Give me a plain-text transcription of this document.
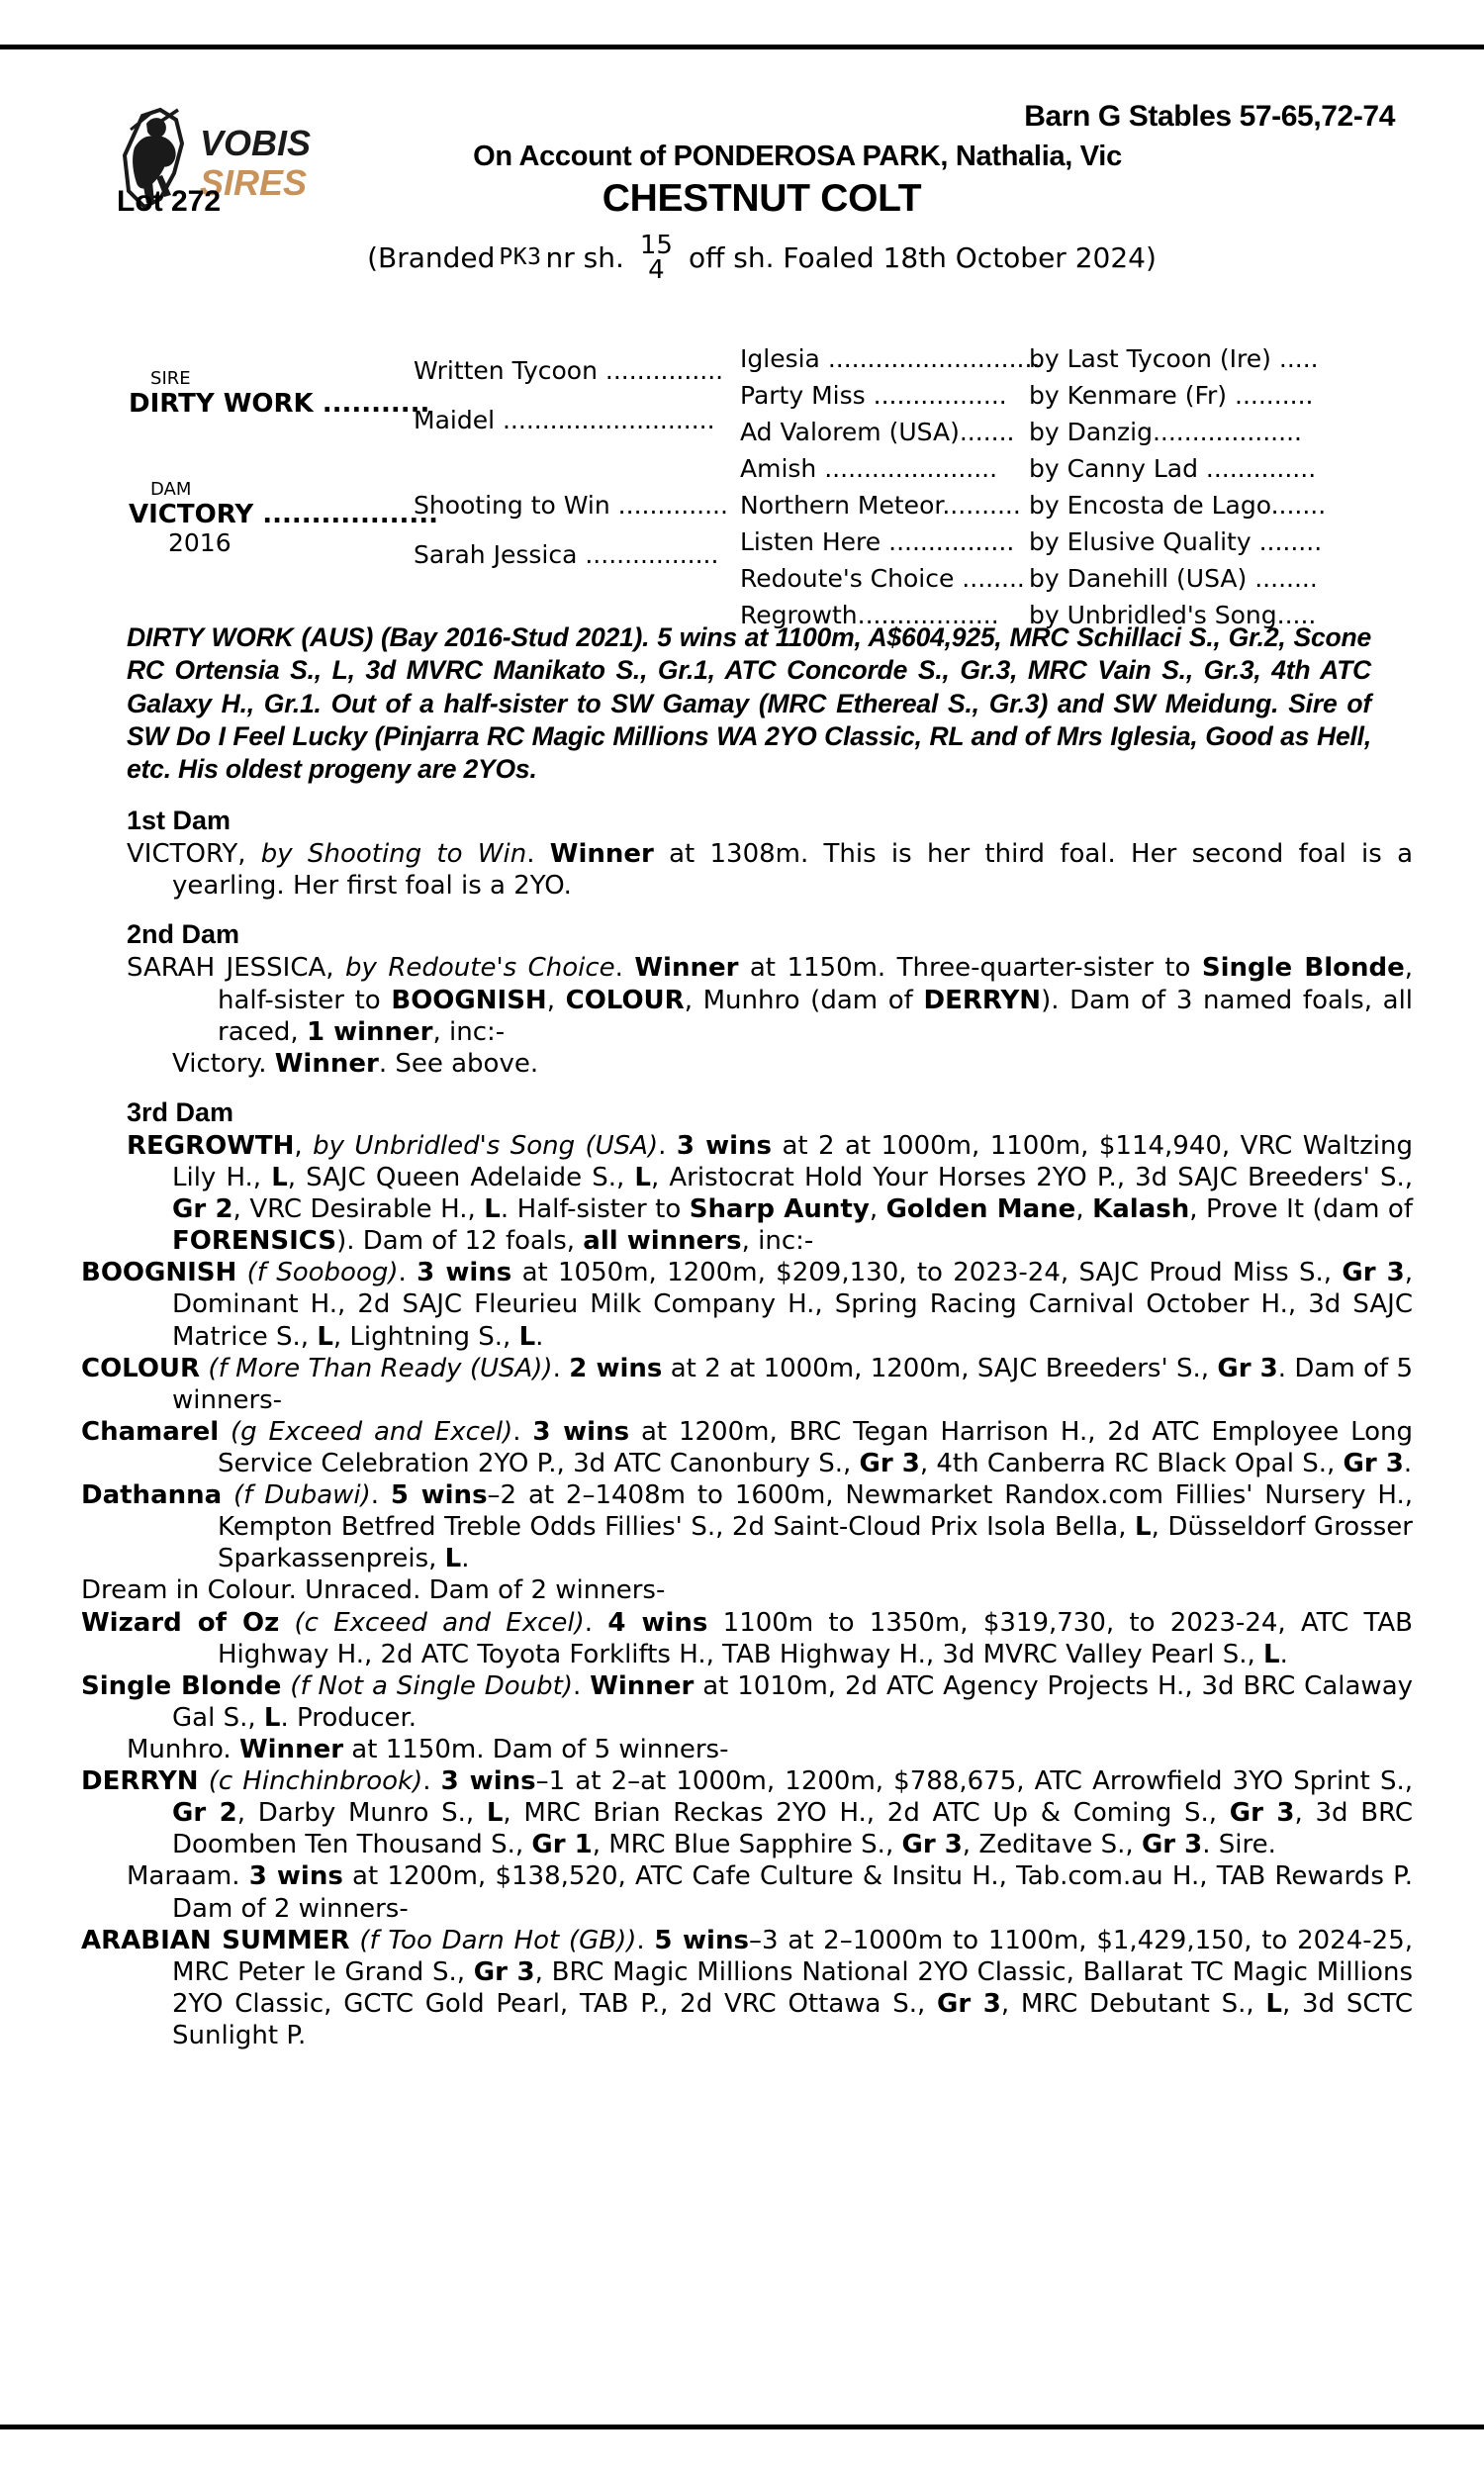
VOBIS
SIRES
Barn G Stables 57-65,72-74
On Account of PONDEROSA PARK, Nathalia, Vic
Lot 272	CHESTNUT COLT
(Branded PK3 nr sh. 15
4 off sh. Foaled 18th October 2024)
sire
DIRTY WORK ...........
dam
VICTORY ..................
2016
Written Tycoon ...............
Maidel ...........................
Shooting to Win ..............
Sarah Jessica .................
Iglesia ...........................
Party Miss .................
Ad Valorem (USA).......
Amish ......................
Northern Meteor..........
Listen Here ................
Redoute's Choice ........
Regrowth..................
by Last Tycoon (Ire) .....
by Kenmare (Fr) ..........
by Danzig...................
by Canny Lad ..............
by Encosta de Lago.......
by Elusive Quality ........
by Danehill (USA) ........
by Unbridled's Song.....
DIRTY WORK (AUS) (Bay 2016-Stud 2021). 5 wins at 1100m, A$604,925, MRC Schillaci S., Gr.2, Scone RC Ortensia S., L, 3d MVRC Manikato S., Gr.1, ATC Concorde S., Gr.3, MRC Vain S., Gr.3, 4th ATC Galaxy H., Gr.1. Out of a half-sister to SW Gamay (MRC Ethereal S., Gr.3) and SW Meidung. Sire of SW Do I Feel Lucky (Pinjarra RC Magic Millions WA 2YO Classic, RL and of Mrs Iglesia, Good as Hell, etc. His oldest progeny are 2YOs.
1st Dam

VICTORY, by Shooting to Win. Winner at 1308m. This is her third foal. Her second foal is a yearling. Her first foal is a 2YO.

2nd Dam

SARAH JESSICA, by Redoute's Choice. Winner at 1150m. Three-quarter-sister to Single Blonde, half-sister to BOOGNISH, COLOUR, Munhro (dam of DERRYN). Dam of 3 named foals, all raced, 1 winner, inc:-

Victory. Winner. See above.

3rd Dam

REGROWTH, by Unbridled's Song (USA). 3 wins at 2 at 1000m, 1100m, $114,940, VRC Waltzing Lily H., L, SAJC Queen Adelaide S., L, Aristocrat Hold Your Horses 2YO P., 3d SAJC Breeders' S., Gr 2, VRC Desirable H., L. Half-sister to Sharp Aunty, Golden Mane, Kalash, Prove It (dam of FORENSICS). Dam of 12 foals, all winners, inc:-

BOOGNISH (f Sooboog). 3 wins at 1050m, 1200m, $209,130, to 2023-24, SAJC Proud Miss S., Gr 3, Dominant H., 2d SAJC Fleurieu Milk Company H., Spring Racing Carnival October H., 3d SAJC Matrice S., L, Lightning S., L.

COLOUR (f More Than Ready (USA)). 2 wins at 2 at 1000m, 1200m, SAJC Breeders' S., Gr 3. Dam of 5 winners-

Chamarel (g Exceed and Excel). 3 wins at 1200m, BRC Tegan Harrison H., 2d ATC Employee Long Service Celebration 2YO P., 3d ATC Canonbury S., Gr 3, 4th Canberra RC Black Opal S., Gr 3.

Dathanna (f Dubawi). 5 wins–2 at 2–1408m to 1600m, Newmarket Randox.com Fillies' Nursery H., Kempton Betfred Treble Odds Fillies' S., 2d Saint-Cloud Prix Isola Bella, L, Düsseldorf Grosser Sparkassenpreis, L.

Dream in Colour. Unraced. Dam of 2 winners-

Wizard of Oz (c Exceed and Excel). 4 wins 1100m to 1350m, $319,730, to 2023-24, ATC TAB Highway H., 2d ATC Toyota Forklifts H., TAB Highway H., 3d MVRC Valley Pearl S., L.

Single Blonde (f Not a Single Doubt). Winner at 1010m, 2d ATC Agency Projects H., 3d BRC Calaway Gal S., L. Producer.

Munhro. Winner at 1150m. Dam of 5 winners-

DERRYN (c Hinchinbrook). 3 wins–1 at 2–at 1000m, 1200m, $788,675, ATC Arrowfield 3YO Sprint S., Gr 2, Darby Munro S., L, MRC Brian Reckas 2YO H., 2d ATC Up & Coming S., Gr 3, 3d BRC Doomben Ten Thousand S., Gr 1, MRC Blue Sapphire S., Gr 3, Zeditave S., Gr 3. Sire.

Maraam. 3 wins at 1200m, $138,520, ATC Cafe Culture & Insitu H., Tab.com.au H., TAB Rewards P. Dam of 2 winners-

ARABIAN SUMMER (f Too Darn Hot (GB)). 5 wins–3 at 2–1000m to 1100m, $1,429,150, to 2024-25, MRC Peter le Grand S., Gr 3, BRC Magic Millions National 2YO Classic, Ballarat TC Magic Millions 2YO Classic, GCTC Gold Pearl, TAB P., 2d VRC Ottawa S., Gr 3, MRC Debutant S., L, 3d SCTC Sunlight P.
